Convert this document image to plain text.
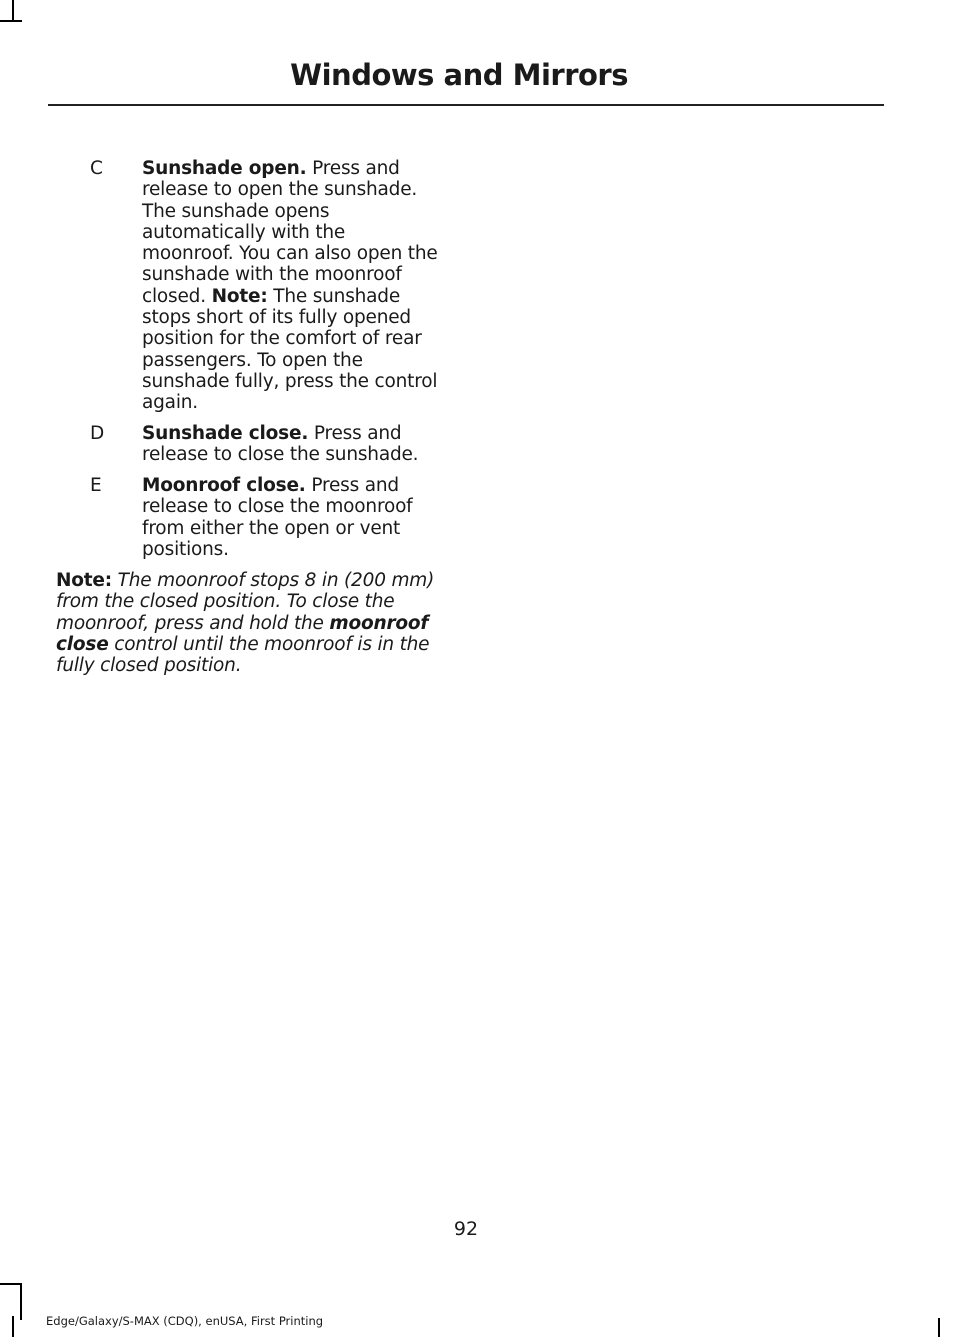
Windows and Mirrors
C Sunshade open. Press and release to open the sunshade. The sunshade opens automatically with the moonroof. You can also open the sunshade with the moonroof closed. Note: The sunshade stops short of its fully opened position for the comfort of rear passengers. To open the sunshade fully, press the control again.
D Sunshade close. Press and release to close the sunshade.
E Moonroof close. Press and release to close the moonroof from either the open or vent positions.
Note: The moonroof stops 8 in (200 mm) from the closed position. To close the moonroof, press and hold the moonroof close control until the moonroof is in the fully closed position.
92
Edge/Galaxy/S-MAX (CDQ), enUSA, First Printing
